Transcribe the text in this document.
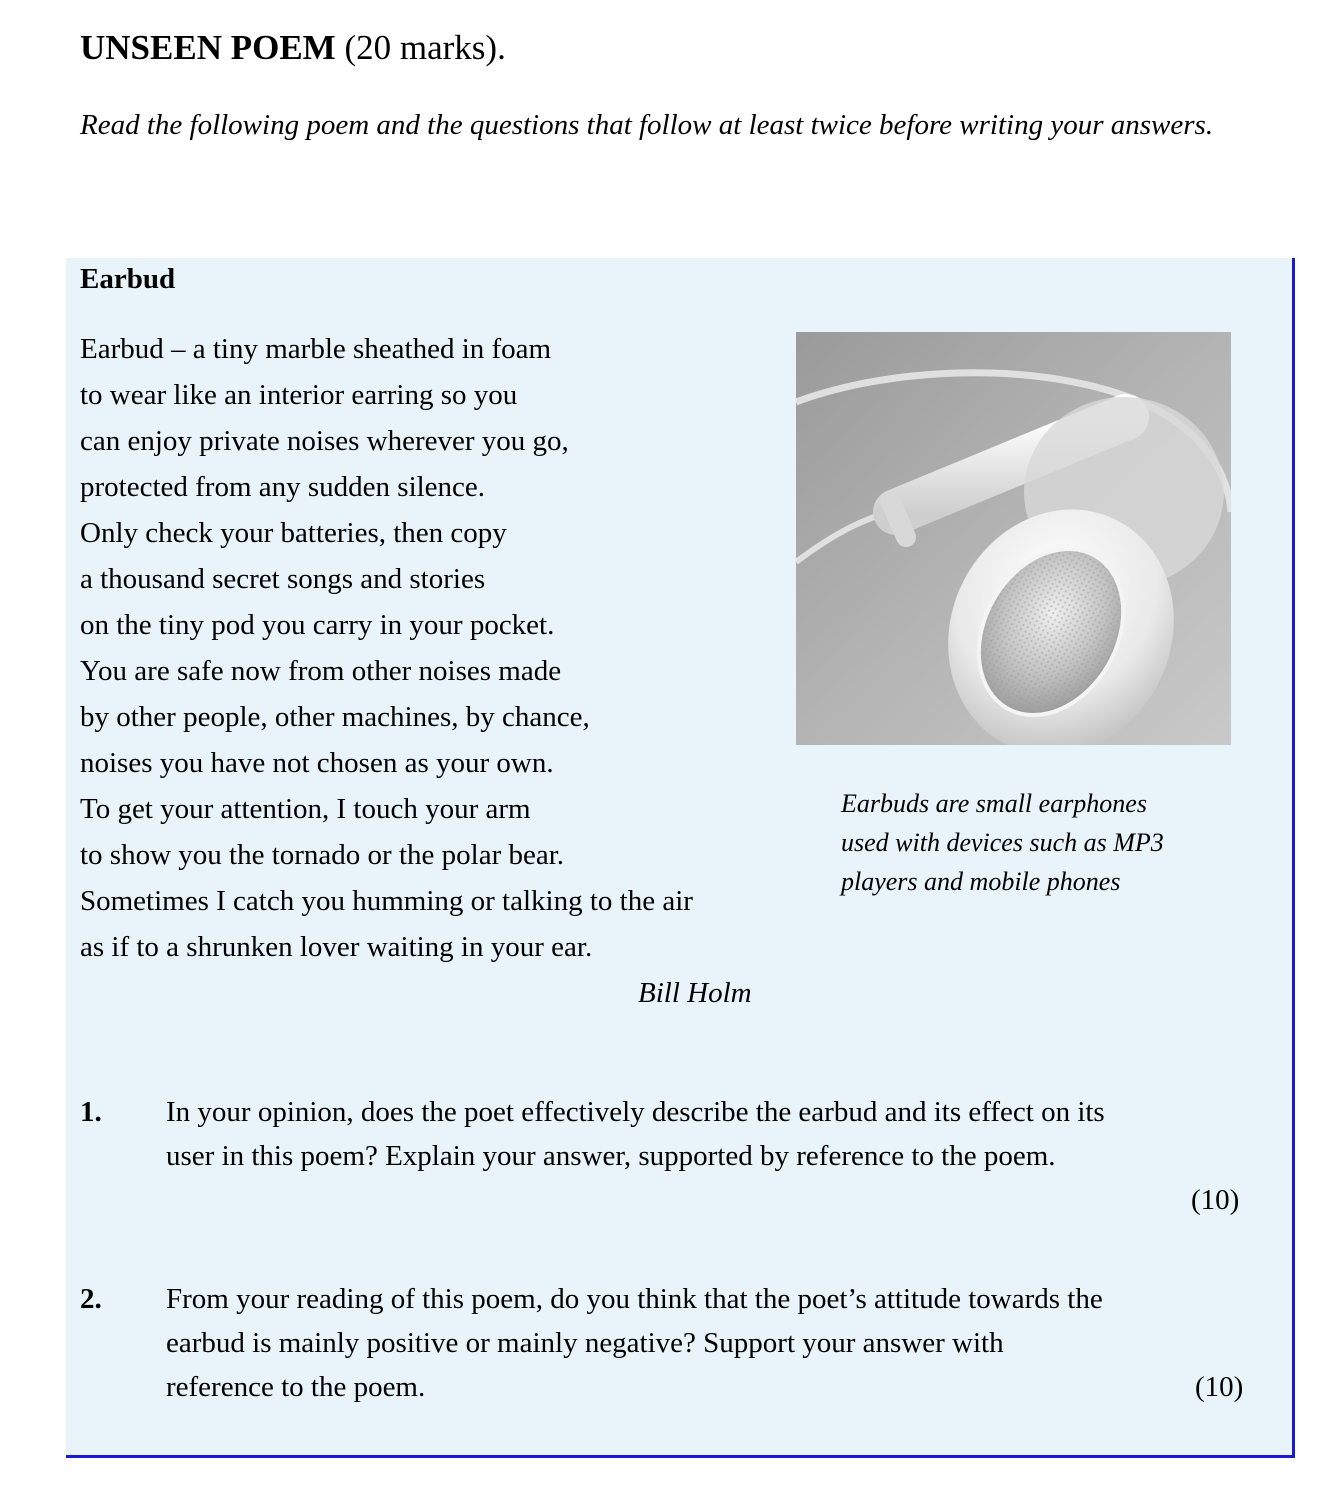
UNSEEN POEM (20 marks).
Read the following poem and the questions that follow at least twice before writing your answers.
Earbud
Earbud – a tiny marble sheathed in foam
to wear like an interior earring so you
can enjoy private noises wherever you go,
protected from any sudden silence.
Only check your batteries, then copy
a thousand secret songs and stories
on the tiny pod you carry in your pocket.
You are safe now from other noises made
by other people, other machines, by chance,
noises you have not chosen as your own.
To get your attention, I touch your arm
to show you the tornado or the polar bear.
Sometimes I catch you humming or talking to the air
as if to a shrunken lover waiting in your ear.
Bill Holm
Earbuds are small earphones
used with devices such as MP3
players and mobile phones
1. In your opinion, does the poet effectively describe the earbud and its effect on its
user in this poem? Explain your answer, supported by reference to the poem.
(10)
2. From your reading of this poem, do you think that the poet’s attitude towards the
earbud is mainly positive or mainly negative? Support your answer with
reference to the poem.	(10)
